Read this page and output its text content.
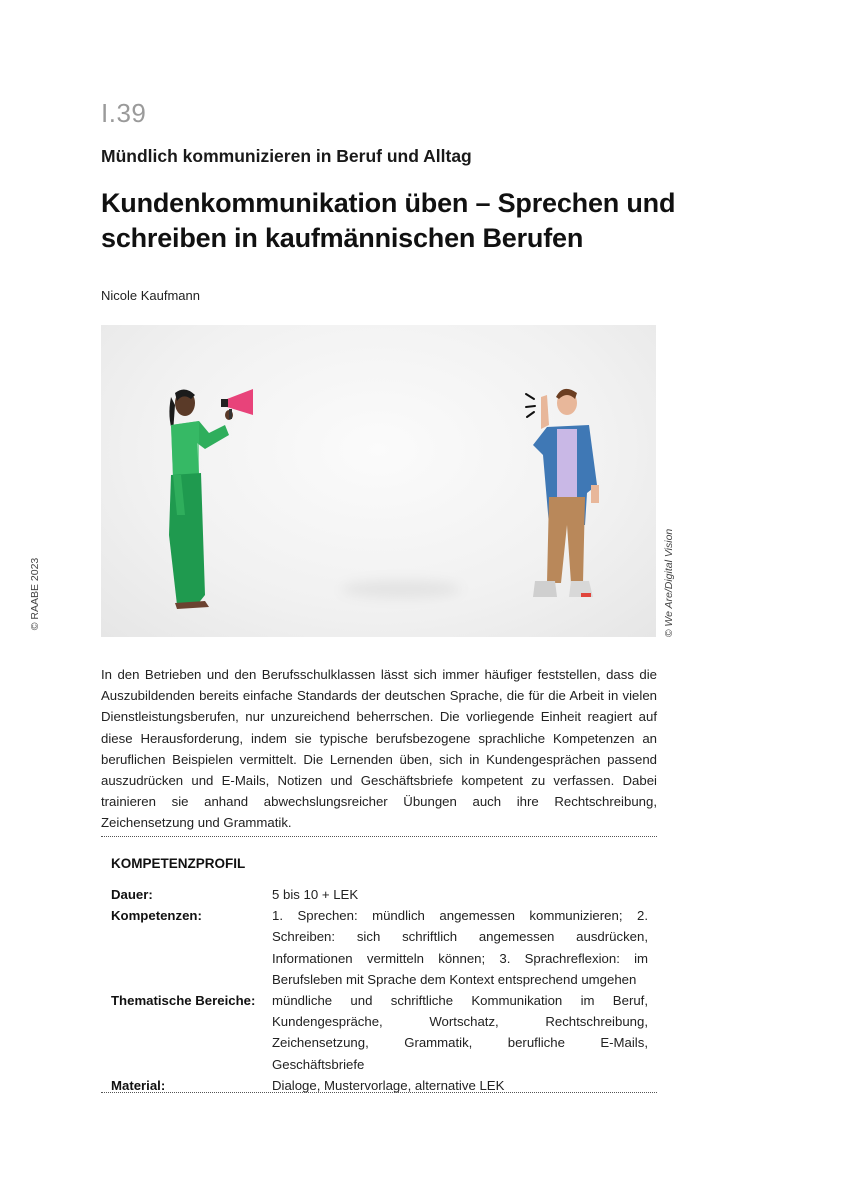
I.39
Mündlich kommunizieren in Beruf und Alltag
Kundenkommunikation üben – Sprechen und
schreiben in kaufmännischen Berufen
Nicole Kaufmann
© RAABE 2023	© We Are/Digital Vision
In den Betrieben und den Berufsschulklassen lässt sich immer häufiger feststellen, dass die Auszubildenden bereits einfache Standards der deutschen Sprache, die für die Arbeit in vielen Dienstleistungsberufen, nur unzureichend beherrschen. Die vorliegende Einheit reagiert auf diese Herausforderung, indem sie typische berufsbezogene sprachliche Kompetenzen an beruflichen Beispielen vermittelt. Die Lernenden üben, sich in Kundengesprächen passend auszudrücken und E-Mails, Notizen und Geschäftsbriefe kompetent zu verfassen. Dabei trainieren sie anhand abwechslungsreicher Übungen auch ihre Rechtschreibung, Zeichensetzung und Grammatik.
KOMPETENZPROFIL
Dauer:	5 bis 10 + LEK
Kompetenzen:	1. Sprechen: mündlich angemessen kommunizieren; 2. Schreiben: sich schriftlich angemessen ausdrücken, Informationen vermitteln können; 3. Sprachreflexion: im Berufsleben mit Sprache dem Kontext entsprechend umgehen
Thematische Bereiche:	mündliche und schriftliche Kommunikation im Beruf, Kundengespräche, Wortschatz, Rechtschreibung, Zeichensetzung, Grammatik, berufliche E-Mails, Geschäftsbriefe
Material:	Dialoge, Mustervorlage, alternative LEK
